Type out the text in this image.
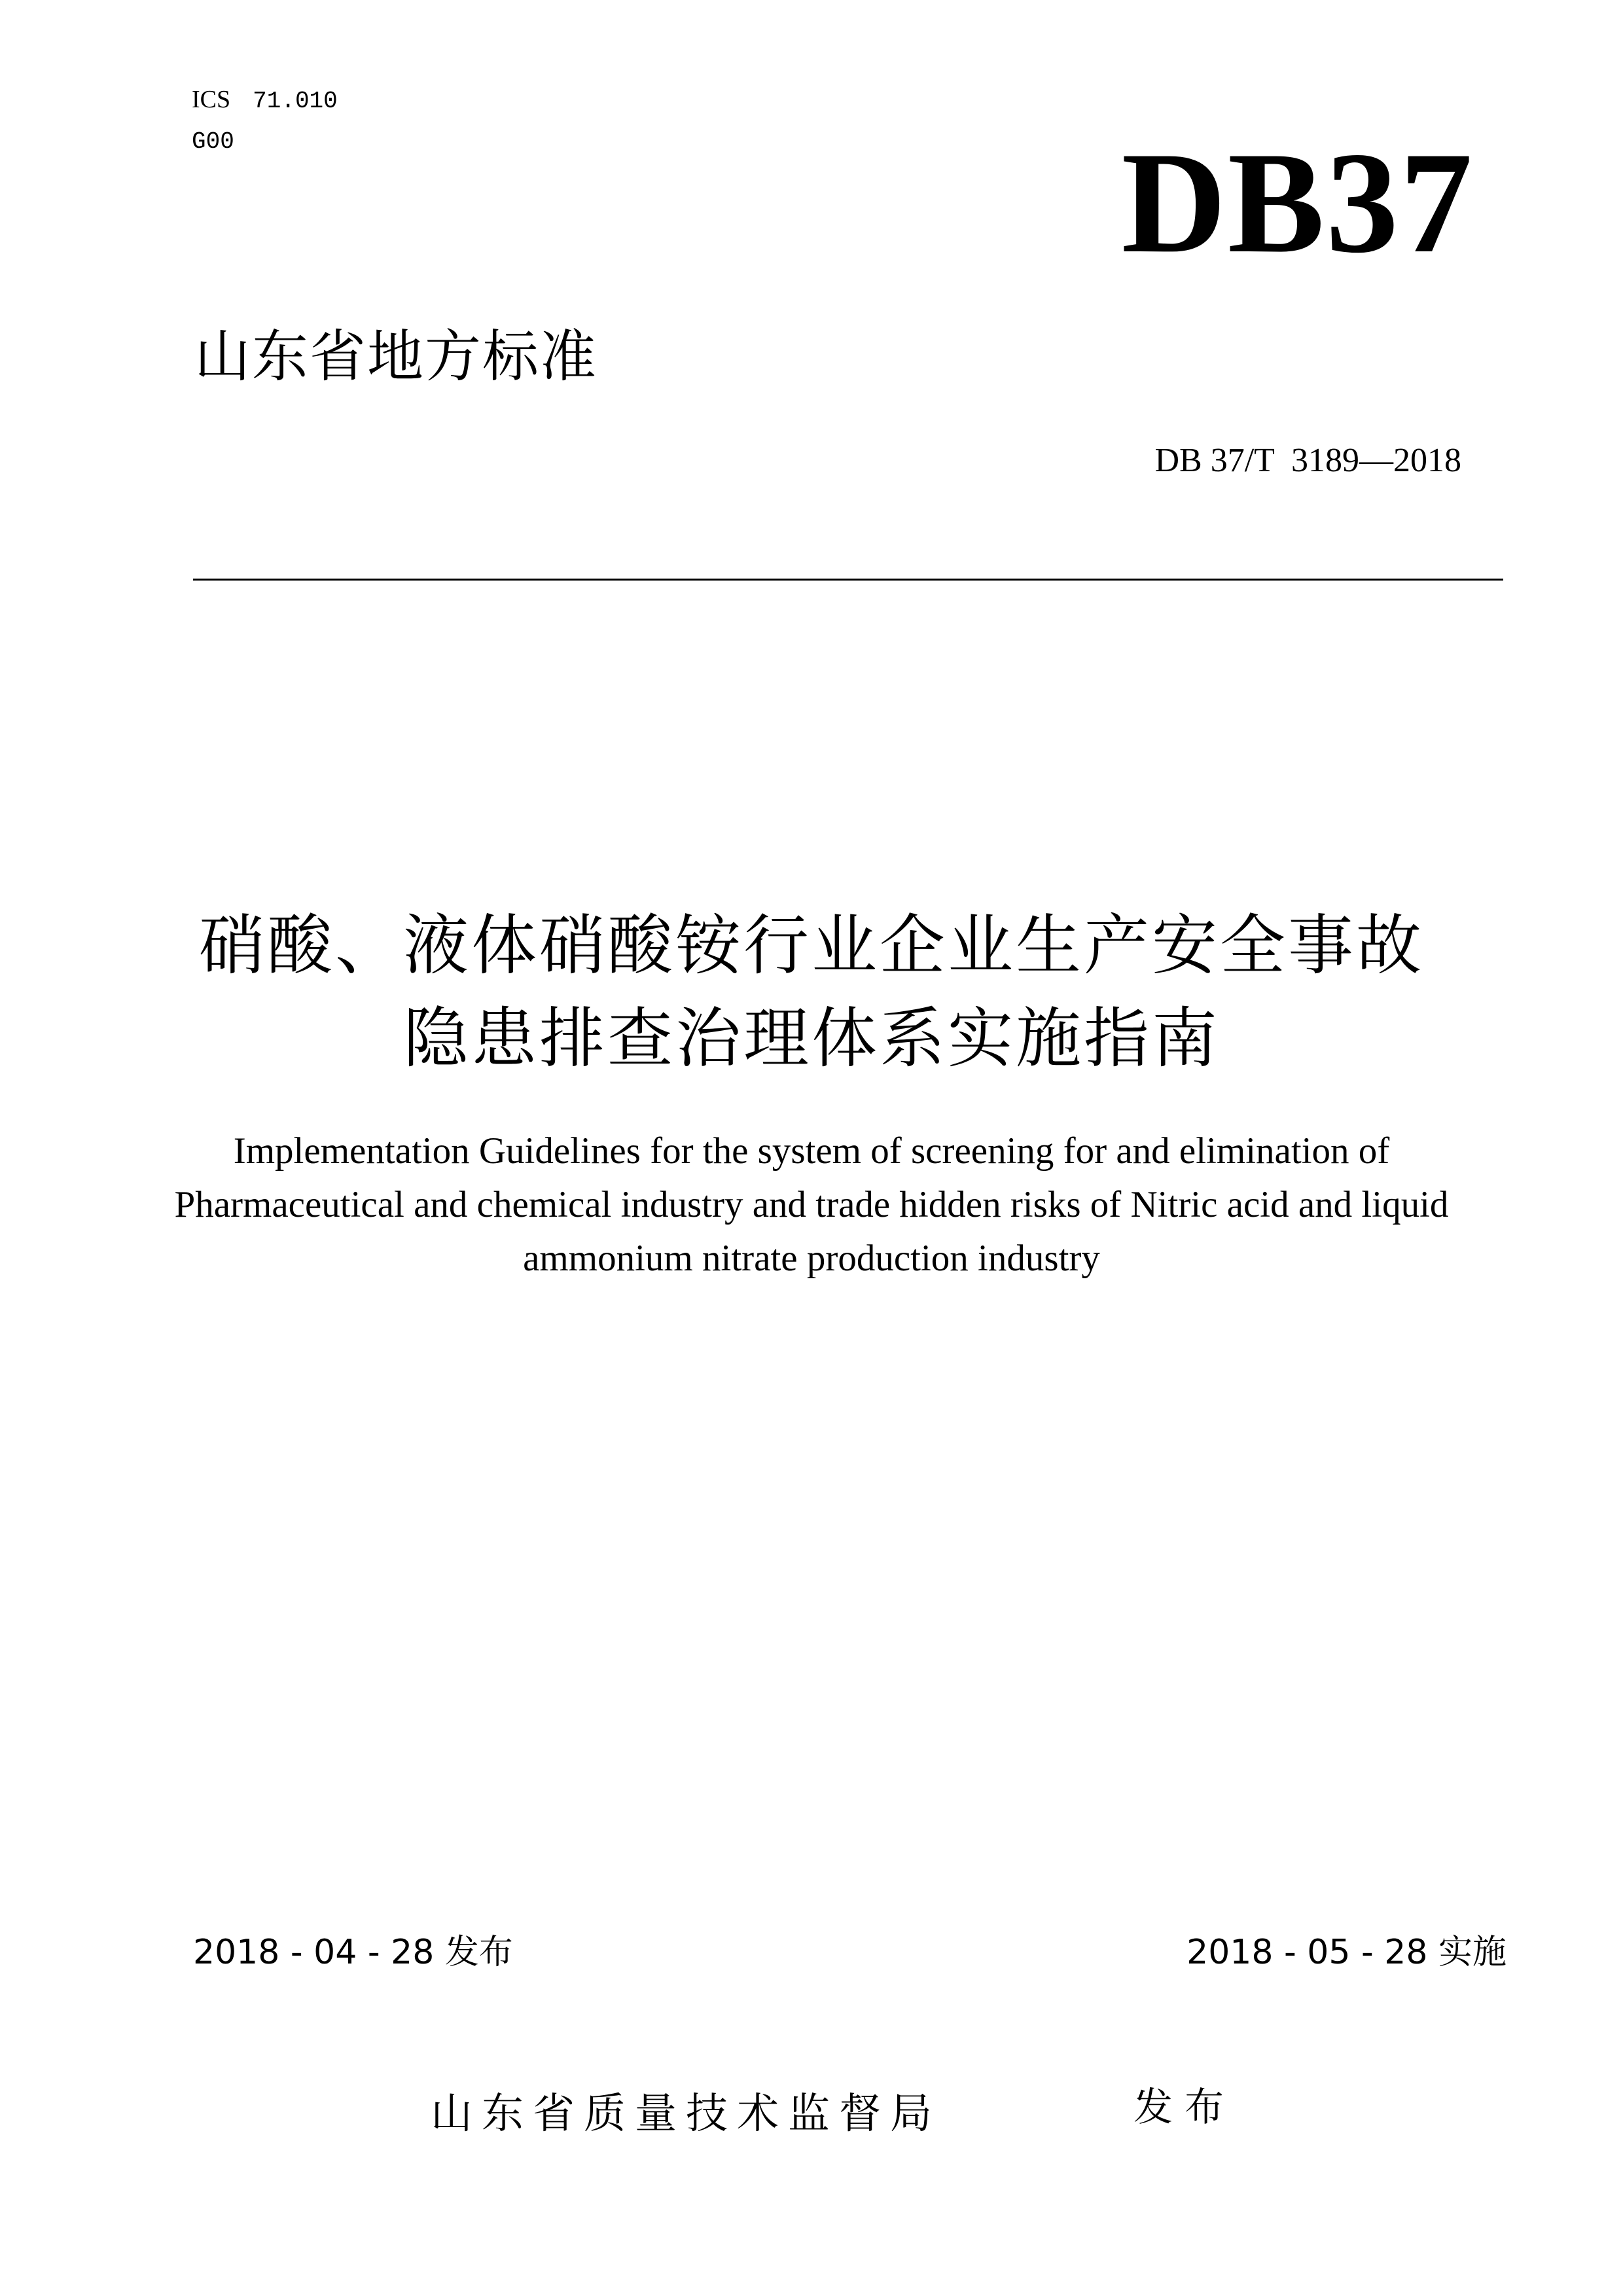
ICS 71.010
G00	DB37
山东省地方标准
DB 37/T  3189—2018
硝酸、液体硝酸铵行业企业生产安全事故
隐患排查治理体系实施指南
Implementation Guidelines for the system of screening for and elimination of
Pharmaceutical and chemical industry and trade hidden risks of Nitric acid and liquid
ammonium nitrate production industry
2018 - 04 - 28 发布	2018 - 05 - 28 实施
山东省质量技术监督局	发布
